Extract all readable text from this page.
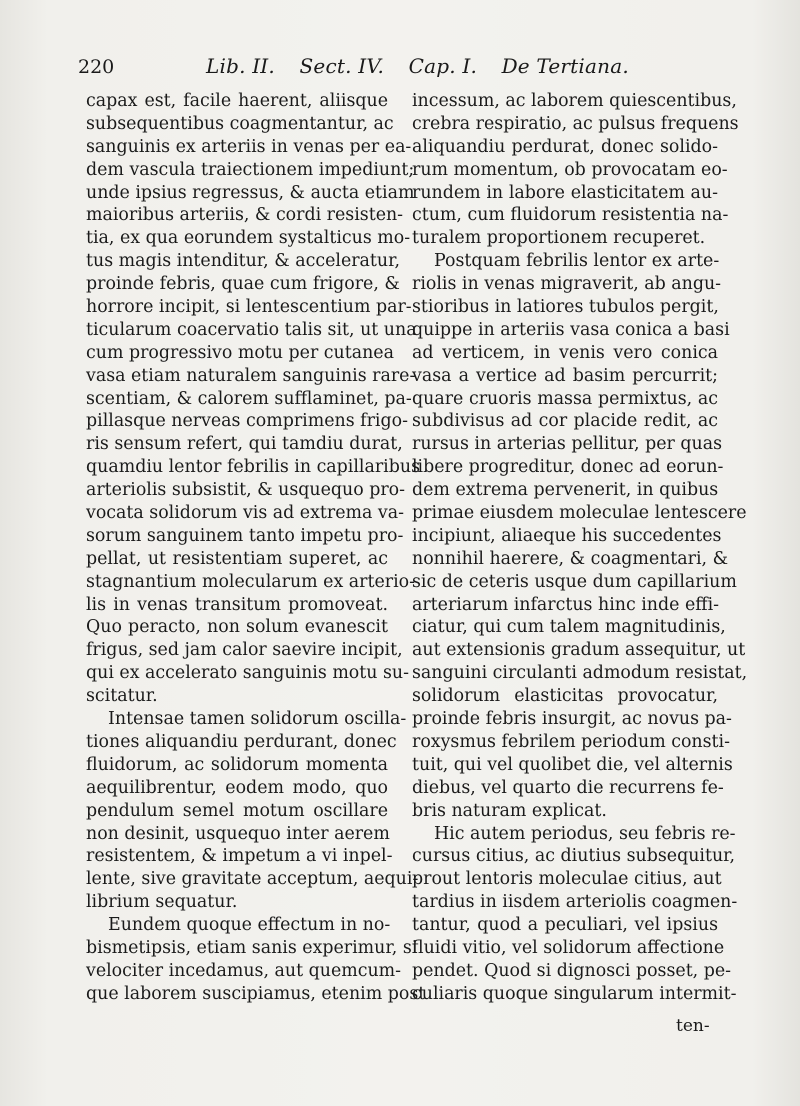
220	Lib. II. Sect. IV. Cap. I. De Tertiana.
capax est, facile haerent, aliisque
subsequentibus coagmentantur, ac
sanguinis ex arteriis in venas per ea-
dem vascula traiectionem impediunt;
unde ipsius regressus, & aucta etiam
maioribus arteriis, & cordi resisten-
tia, ex qua eorundem systalticus mo-
tus magis intenditur, & acceleratur,
proinde febris, quae cum frigore, &
horrore incipit, si lentescentium par-
ticularum coacervatio talis sit, ut una
cum progressivo motu per cutanea
vasa etiam naturalem sanguinis rare-
scentiam, & calorem sufflaminet, pa-
pillasque nerveas comprimens frigo-
ris sensum refert, qui tamdiu durat,
quamdiu lentor febrilis in capillaribus
arteriolis subsistit, & usquequo pro-
vocata solidorum vis ad extrema va-
sorum sanguinem tanto impetu pro-
pellat, ut resistentiam superet, ac
stagnantium molecularum ex arterio-
lis in venas transitum promoveat.
Quo peracto, non solum evanescit
frigus, sed jam calor saevire incipit,
qui ex accelerato sanguinis motu su-
scitatur.
Intensae tamen solidorum oscilla-
tiones aliquandiu perdurant, donec
fluidorum, ac solidorum momenta
aequilibrentur, eodem modo, quo
pendulum semel motum oscillare
non desinit, usquequo inter aerem
resistentem, & impetum a vi inpel-
lente, sive gravitate acceptum, aequi-
librium sequatur.
Eundem quoque effectum in no-
bismetipsis, etiam sanis experimur, si
velociter incedamus, aut quemcum-
que laborem suscipiamus, etenim post
incessum, ac laborem quiescentibus,
crebra respiratio, ac pulsus frequens
aliquandiu perdurat, donec solido-
rum momentum, ob provocatam eo-
rundem in labore elasticitatem au-
ctum, cum fluidorum resistentia na-
turalem proportionem recuperet.
Postquam febrilis lentor ex arte-
riolis in venas migraverit, ab angu-
stioribus in latiores tubulos pergit,
quippe in arteriis vasa conica a basi
ad verticem, in venis vero conica
vasa a vertice ad basim percurrit;
quare cruoris massa permixtus, ac
subdivisus ad cor placide redit, ac
rursus in arterias pellitur, per quas
libere progreditur, donec ad eorun-
dem extrema pervenerit, in quibus
primae eiusdem moleculae lentescere
incipiunt, aliaeque his succedentes
nonnihil haerere, & coagmentari, &
sic de ceteris usque dum capillarium
arteriarum infarctus hinc inde effi-
ciatur, qui cum talem magnitudinis,
aut extensionis gradum assequitur, ut
sanguini circulanti admodum resistat,
solidorum elasticitas provocatur,
proinde febris insurgit, ac novus pa-
roxysmus febrilem periodum consti-
tuit, qui vel quolibet die, vel alternis
diebus, vel quarto die recurrens fe-
bris naturam explicat.
Hic autem periodus, seu febris re-
cursus citius, ac diutius subsequitur,
prout lentoris moleculae citius, aut
tardius in iisdem arteriolis coagmen-
tantur, quod a peculiari, vel ipsius
fluidi vitio, vel solidorum affectione
pendet. Quod si dignosci posset, pe-
culiaris quoque singularum intermit-
ten-
